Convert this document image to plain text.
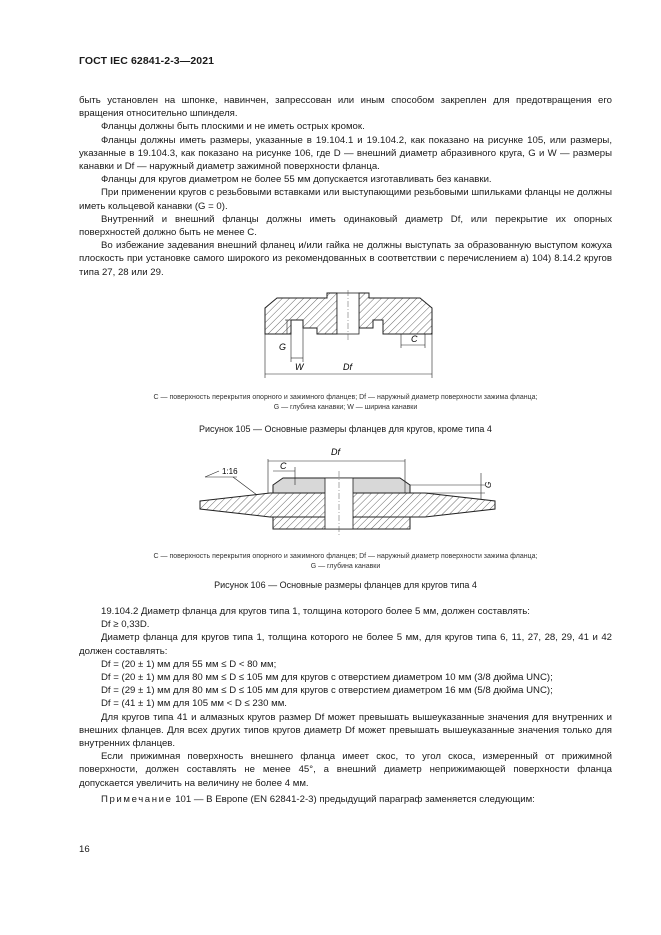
ГОСТ IEC 62841-2-3—2021

быть установлен на шпонке, навинчен, запрессован или иным способом закреплен для предотвращения его вращения относительно шпинделя.

Фланцы должны быть плоскими и не иметь острых кромок.

Фланцы должны иметь размеры, указанные в 19.104.1 и 19.104.2, как показано на рисунке 105, или размеры, указанные в 19.104.3, как показано на рисунке 106, где D — внешний диаметр абразивного круга, G и W — размеры канавки и Df — наружный диаметр зажимной поверхности фланца.

Фланцы для кругов диаметром не более 55 мм допускается изготавливать без канавки.

При применении кругов с резьбовыми вставками или выступающими резьбовыми шпильками фланцы не должны иметь кольцевой канавки (G = 0).

Внутренний и внешний фланцы должны иметь одинаковый диаметр Df, или перекрытие их опорных поверхностей должно быть не менее C.

Во избежание задевания внешний фланец и/или гайка не должны выступать за образованную выступом кожуха плоскость при установке самого широкого из рекомендованных в соответствии с перечислением a) 104) 8.14.2 кругов типа 27, 28 или 29.

G
W	Df
C
C — поверхность перекрытия опорного и зажимного фланцев; Df — наружный диаметр поверхности зажима фланца;
G — глубина канавки; W — ширина канавки
Рисунок 105 — Основные размеры фланцев для кругов, кроме типа 4
Df
C
1:16
G
C — поверхность перекрытия опорного и зажимного фланцев; Df — наружный диаметр поверхности зажима фланца;
G — глубина канавки
Рисунок 106 — Основные размеры фланцев для кругов типа 4

19.104.2 Диаметр фланца для кругов типа 1, толщина которого более 5 мм, должен составлять:

Df ≥ 0,33D.

Диаметр фланца для кругов типа 1, толщина которого не более 5 мм, для кругов типа 6, 11, 27, 28, 29, 41 и 42 должен составлять:

Df = (20 ± 1) мм для 55 мм ≤ D < 80 мм;

Df = (20 ± 1) мм для 80 мм ≤ D ≤ 105 мм для кругов с отверстием диаметром 10 мм (3/8 дюйма UNC);

Df = (29 ± 1) мм для 80 мм ≤ D ≤ 105 мм для кругов с отверстием диаметром 16 мм (5/8 дюйма UNC);

Df = (41 ± 1) мм для 105 мм < D ≤ 230 мм.

Для кругов типа 41 и алмазных кругов размер Df может превышать вышеуказанные значения для внутренних и внешних фланцев. Для всех других типов кругов диаметр Df может превышать вышеуказанные значения только для внутренних фланцев.

Если прижимная поверхность внешнего фланца имеет скос, то угол скоса, измеренный от прижимной поверхности, должен составлять не менее 45°, а внешний диаметр неприжимающей поверхности фланца допускается увеличить на величину не более 4 мм.

Примечание 101 — В Европе (EN 62841-2-3) предыдущий параграф заменяется следующим:

16
